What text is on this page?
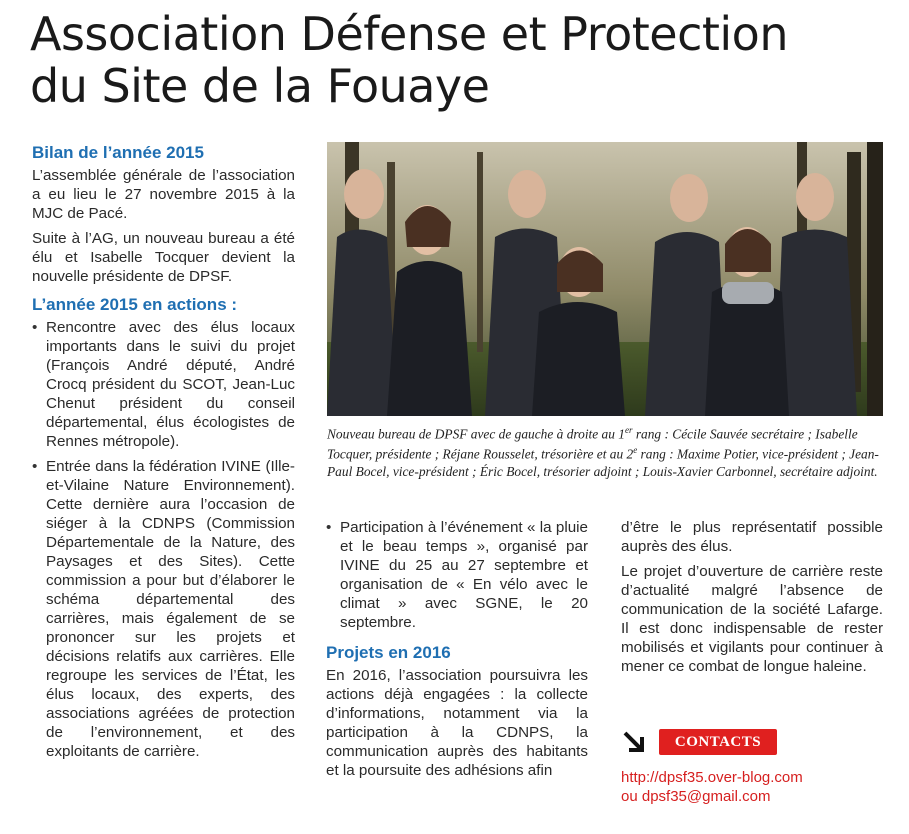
Association Défense et Protection
du Site de la Fouaye
Bilan de l’année 2015

L’assemblée générale de l’association a eu lieu le 27 novembre 2015 à la MJC de Pacé.

Suite à l’AG, un nouveau bureau a été élu et Isabelle Tocquer devient la nouvelle présidente de DPSF.

L’année 2015 en actions :
• Rencontre avec des élus locaux importants dans le suivi du projet (François André député, André Crocq président du SCOT, Jean-Luc Chenut président du conseil départemental, élus écologistes de Rennes métropole).
• Entrée dans la fédération IVINE (Ille-et-Vilaine Nature Environnement). Cette dernière aura l’occasion de siéger à la CDNPS (Commission Départementale de la Nature, des Paysages et des Sites). Cette commission a pour but d’élaborer le schéma départemental des carrières, mais également de se prononcer sur les projets et décisions relatifs aux carrières. Elle regroupe les services de l’État, les élus locaux, des experts, des associations agréées de protection de l’environnement, et des exploitants de carrière.
Nouveau bureau de DPSF avec de gauche à droite au 1er rang : Cécile Sauvée secrétaire ; Isabelle Tocquer, présidente ; Réjane Rousselet, trésorière et au 2e rang : Maxime Potier, vice-président ; Jean-Paul Bocel, vice-président ; Éric Bocel, trésorier adjoint ; Louis-Xavier Carbonnel, secrétaire adjoint.
• Participation à l’événement « la pluie et le beau temps », organisé par IVINE du 25 au 27 septembre et organisation de « En vélo avec le climat » avec SGNE, le 20 septembre.
Projets en 2016

En 2016, l’association poursuivra les actions déjà engagées : la collecte d’informations, notamment via la participation à la CDNPS, la communication auprès des habitants et la poursuite des adhésions afin

d’être le plus représentatif possible auprès des élus.

Le projet d’ouverture de carrière reste d’actualité malgré l’absence de communication de la société Lafarge. Il est donc indispensable de rester mobilisés et vigilants pour continuer à mener ce combat de longue haleine.

CONTACTS
http://dpsf35.over-blog.com
ou dpsf35@gmail.com
